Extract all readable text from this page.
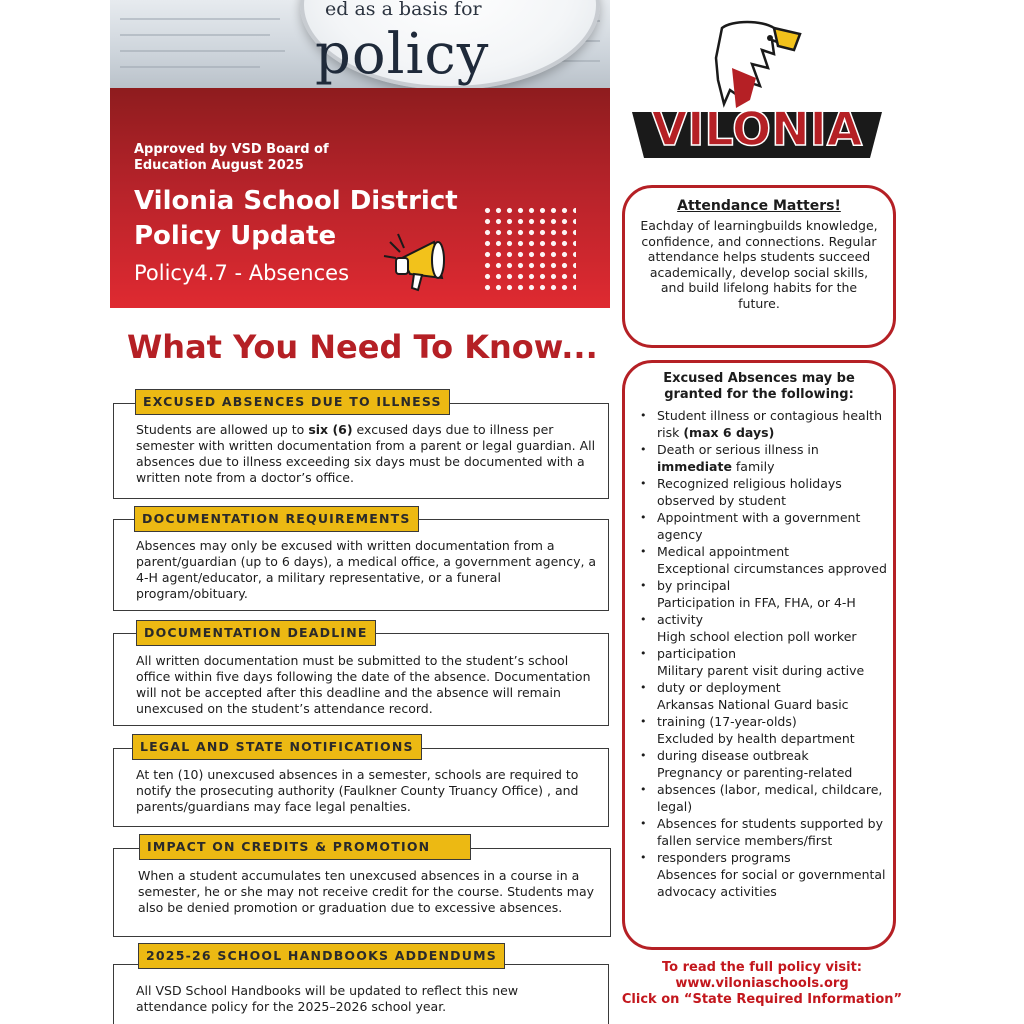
ed as a basis for
policy
Approved by VSD Board of Education August 2025
Vilonia School District Policy Update
Policy4.7 - Absences
VILONIA
EAGLES
What You Need To Know...
EXCUSED ABSENCES DUE TO ILLNESS
Students are allowed up to six (6) excused days due to illness per semester with written documentation from a parent or legal guardian. All absences due to illness exceeding six days must be documented with a written note from a doctor’s office.
DOCUMENTATION REQUIREMENTS
Absences may only be excused with written documentation from a parent/guardian (up to 6 days), a medical office, a government agency, a 4-H agent/educator, a military representative, or a funeral program/obituary.
DOCUMENTATION DEADLINE
All written documentation must be submitted to the student’s school office within five days following the date of the absence. Documentation will not be accepted after this deadline and the absence will remain unexcused on the student’s attendance record.
LEGAL AND STATE NOTIFICATIONS
At ten (10) unexcused absences in a semester, schools are required to notify the prosecuting authority (Faulkner County Truancy Office) , and parents/guardians may face legal penalties.
IMPACT ON CREDITS & PROMOTION
When a student accumulates ten unexcused absences in a course in a semester, he or she may not receive credit for the course. Students may also be denied promotion or graduation due to excessive absences.
2025-26 SCHOOL HANDBOOKS ADDENDUMS
All VSD School Handbooks will be updated to reflect this new attendance policy for the 2025–2026 school year.
Attendance Matters!
Eachday of learningbuilds knowledge, confidence, and connections. Regular attendance helps students succeed academically, develop social skills, and build lifelong habits for the future.
Excused Absences may be granted for the following:
•
•
•
•
•
•
•
•
•
•
•
•
•
•
Student illness or contagious health risk (max 6 days)
Death or serious illness in immediate family
Recognized religious holidays observed by student
Appointment with a government agency
Medical appointment
Exceptional circumstances approved by principal
Participation in FFA, FHA, or 4-H activity
High school election poll worker participation
Military parent visit during active duty or deployment
Arkansas National Guard basic training (17-year-olds)
Excluded by health department during disease outbreak
Pregnancy or parenting-related absences (labor, medical, childcare, legal)
Absences for students supported by fallen service members/first responders programs
Absences for social or governmental advocacy activities
To read the full policy visit:
www.viloniaschools.org
Click on “State Required Information”
